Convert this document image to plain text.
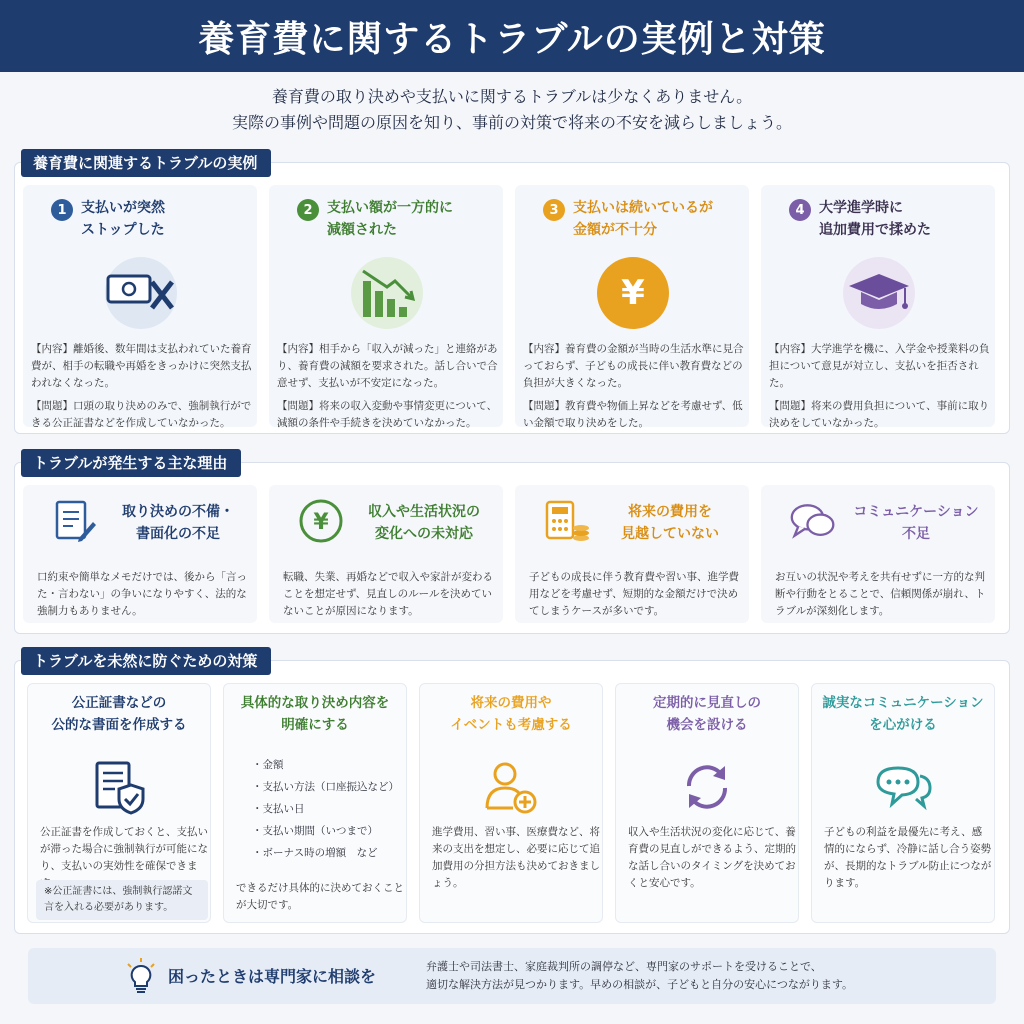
養育費に関するトラブルの実例と対策
養育費の取り決めや支払いに関するトラブルは少なくありません。
実際の事例や問題の原因を知り、事前の対策で将来の不安を減らしましょう。
養育費に関連するトラブルの実例
1	支払いが突然
ストップした

【内容】離婚後、数年間は支払われていた養育費が、相手の転職や再婚をきっかけに突然支払われなくなった。

【問題】口頭の取り決めのみで、強制執行ができる公正証書などを作成していなかった。

2	支払い額が一方的に
減額された

【内容】相手から「収入が減った」と連絡があり、養育費の減額を要求された。話し合いで合意せず、支払いが不安定になった。

【問題】将来の収入変動や事情変更について、減額の条件や手続きを決めていなかった。

3	支払いは続いているが
金額が不十分
¥

【内容】養育費の金額が当時の生活水準に見合っておらず、子どもの成長に伴い教育費などの負担が大きくなった。

【問題】教育費や物価上昇などを考慮せず、低い金額で取り決めをした。

4	大学進学時に
追加費用で揉めた

【内容】大学進学を機に、入学金や授業料の負担について意見が対立し、支払いを拒否された。

【問題】将来の費用負担について、事前に取り決めをしていなかった。

トラブルが発生する主な理由
取り決めの不備・
書面化の不足
口約束や簡単なメモだけでは、後から「言った・言わない」の争いになりやすく、法的な強制力もありません。
¥	収入や生活状況の
変化への未対応
転職、失業、再婚などで収入や家計が変わることを想定せず、見直しのルールを決めていないことが原因になります。
将来の費用を
見越していない
子どもの成長に伴う教育費や習い事、進学費用などを考慮せず、短期的な金額だけで決めてしまうケースが多いです。
コミュニケーション
不足
お互いの状況や考えを共有せずに一方的な判断や行動をとることで、信頼関係が崩れ、トラブルが深刻化します。
トラブルを未然に防ぐための対策
公正証書などの
公的な書面を作成する
公正証書を作成しておくと、支払いが滞った場合に強制執行が可能になり、支払いの実効性を確保できま
※公正証書には、強制執行認諾文言を入れる必要があります。
具体的な取り決め内容を
明確にする
・ 金額
・ 支払い方法（口座振込など）
・ 支払い日
・ 支払い期間（いつまで）
・ ボーナス時の増額　など
できるだけ具体的に決めておくことが大切です。
将来の費用や
イベントも考慮する
進学費用、習い事、医療費など、将来の支出を想定し、必要に応じて追加費用の分担方法も決めておきましょう。
定期的に見直しの
機会を設ける
収入や生活状況の変化に応じて、養育費の見直しができるよう、定期的な話し合いのタイミングを決めておくと安心です。
誠実なコミュニケーション
を心がける
子どもの利益を最優先に考え、感情的にならず、冷静に話し合う姿勢が、長期的なトラブル防止につながります。
困ったときは専門家に相談を
弁護士や司法書士、家庭裁判所の調停など、専門家のサポートを受けることで、
適切な解決方法が見つかります。早めの相談が、子どもと自分の安心につながります。
